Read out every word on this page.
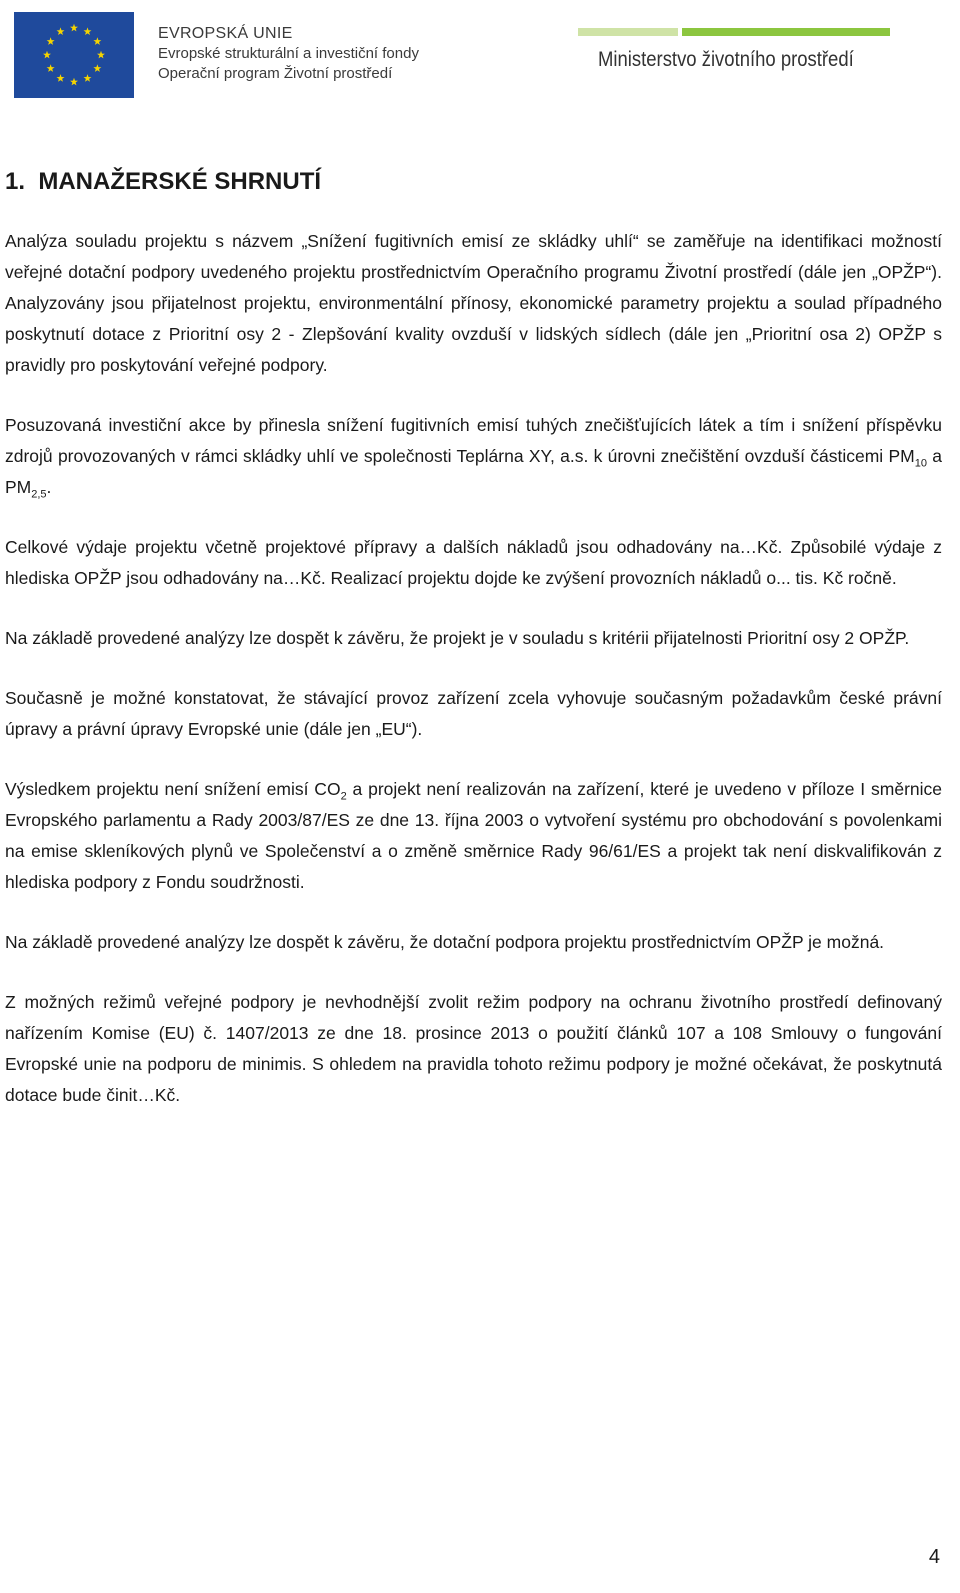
EVROPSKÁ UNIE
Evropské strukturální a investiční fondy
Operační program Životní prostředí
Ministerstvo životního prostředí
1. MANAŽERSKÉ SHRNUTÍ

Analýza souladu projektu s názvem „Snížení fugitivních emisí ze skládky uhlí“ se zaměřuje na identifikaci možností veřejné dotační podpory uvedeného projektu prostřednictvím Operačního programu Životní prostředí (dále jen „OPŽP“). Analyzovány jsou přijatelnost projektu, environmentální přínosy, ekonomické parametry projektu a soulad případného poskytnutí dotace z Prioritní osy 2 - Zlepšování kvality ovzduší v lidských sídlech (dále jen „Prioritní osa 2) OPŽP s pravidly pro poskytování veřejné podpory.

Posuzovaná investiční akce by přinesla snížení fugitivních emisí tuhých znečišťujících látek a tím i snížení příspěvku zdrojů provozovaných v rámci skládky uhlí ve společnosti Teplárna XY, a.s. k úrovni znečištění ovzduší částicemi $PM_{10}$ a $PM_{2,5}$.

Celkové výdaje projektu včetně projektové přípravy a dalších nákladů jsou odhadovány na…Kč. Způsobilé výdaje z hlediska OPŽP jsou odhadovány na…Kč. Realizací projektu dojde ke zvýšení provozních nákladů o... tis. Kč ročně.

Na základě provedené analýzy lze dospět k závěru, že projekt je v souladu s kritérii přijatelnosti Prioritní osy 2 OPŽP.

Současně je možné konstatovat, že stávající provoz zařízení zcela vyhovuje současným požadavkům české právní úpravy a právní úpravy Evropské unie (dále jen „EU“).

Výsledkem projektu není snížení emisí $CO_2$ a projekt není realizován na zařízení, které je uvedeno v příloze I směrnice Evropského parlamentu a Rady 2003/87/ES ze dne 13. října 2003 o vytvoření systému pro obchodování s povolenkami na emise skleníkových plynů ve Společenství a o změně směrnice Rady 96/61/ES a projekt tak není diskvalifikován z hlediska podpory z Fondu soudržnosti.

Na základě provedené analýzy lze dospět k závěru, že dotační podpora projektu prostřednictvím OPŽP je možná.

Z možných režimů veřejné podpory je nevhodnější zvolit režim podpory na ochranu životního prostředí definovaný nařízením Komise (EU) č. 1407/2013 ze dne 18. prosince 2013 o použití článků 107 a 108 Smlouvy o fungování Evropské unie na podporu de minimis. S ohledem na pravidla tohoto režimu podpory je možné očekávat, že poskytnutá dotace bude činit…Kč.

4
